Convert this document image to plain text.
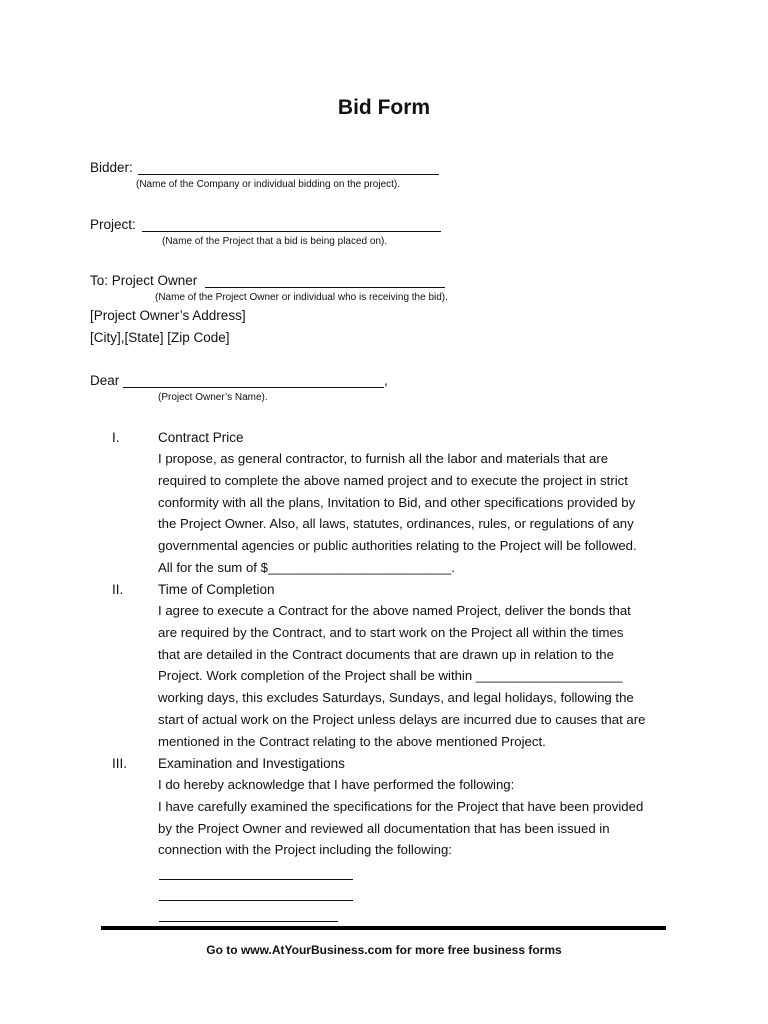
Bid Form
Bidder:
(Name of the Company or individual bidding on the project).
Project:
(Name of the Project that a bid is being placed on).
To: Project Owner
(Name of the Project Owner or individual who is receiving the bid).
[Project Owner’s Address]
[City],[State] [Zip Code]
Dear	,
(Project Owner’s Name).
I.	Contract Price
I propose, as general contractor, to furnish all the labor and materials that are
required to complete the above named project and to execute the project in strict
conformity with all the plans, Invitation to Bid, and other specifications provided by
the Project Owner. Also, all laws, statutes, ordinances, rules, or regulations of any
governmental agencies or public authorities relating to the Project will be followed.
All for the sum of $_________________________.
II.	Time of Completion
I agree to execute a Contract for the above named Project, deliver the bonds that
are required by the Contract, and to start work on the Project all within the times
that are detailed in the Contract documents that are drawn up in relation to the
Project. Work completion of the Project shall be within ____________________
working days, this excludes Saturdays, Sundays, and legal holidays, following the
start of actual work on the Project unless delays are incurred due to causes that are
mentioned in the Contract relating to the above mentioned Project.
III. Examination and Investigations
I do hereby acknowledge that I have performed the following:
I have carefully examined the specifications for the Project that have been provided
by the Project Owner and reviewed all documentation that has been issued in
connection with the Project including the following:
Go to www.AtYourBusiness.com for more free business forms
